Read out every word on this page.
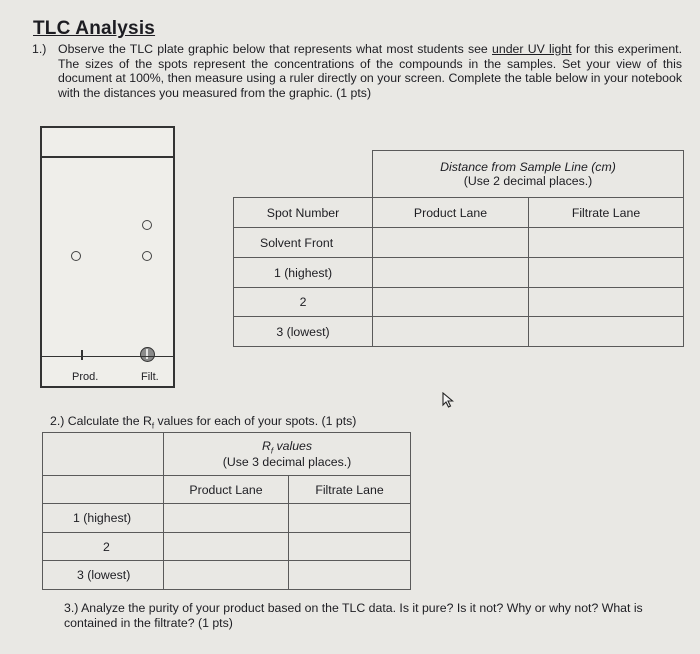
TLC Analysis
1.) Observe the TLC plate graphic below that represents what most students see under UV light for this experiment. The sizes of the spots represent the concentrations of the compounds in the samples. Set your view of this document at 100%, then measure using a ruler directly on your screen. Complete the table below in your notebook with the distances you measured from the graphic. (1 pts)
Prod.	Filt.

	Distance from Sample Line (cm)
(Use 2 decimal places.)	

Spot Number	Product Lane	Filtrate Lane
Solvent Front		
1 (highest)		
2		
3 (lowest)		
2.) Calculate the $R_f$ values for each of your spots. (1 pts)

	$R_f$ values
(Use 3 decimal places.)	

	Product Lane	Filtrate Lane
1 (highest)		
2		
3 (lowest)		
3.) Analyze the purity of your product based on the TLC data. Is it pure? Is it not? Why or why not? What is contained in the filtrate? (1 pts)
